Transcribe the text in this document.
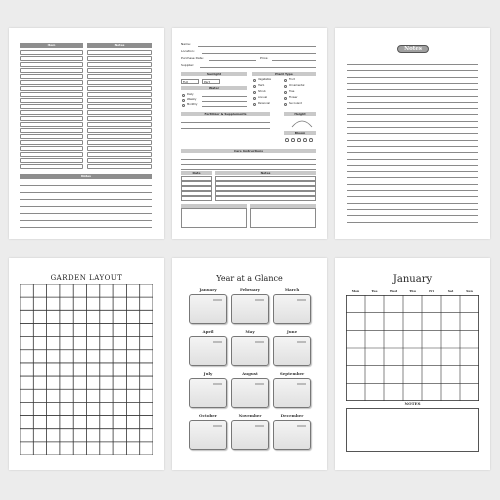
Item	Notes
Notes
Name:
Location:
Purchase Date:	Price:
Supplier:
Sunlight	Plant Type
Full	Part
Water
Daily
Weekly
Monthly
Vegetable
Herb
Shrub
Annual
Perennial
Fruit
Ornamental
Tree
Flower
Succulent
Fertilizer & Supplements	Height
Bloom
Care Instructions
Date	Notes
Notes
GARDEN LAYOUT	Year at a Glance
January	February	March
April	May	June
July	August	September
October	November	December
January
Mon	Tue	Wed	Thu	Fri	Sat	Sun
NOTES
